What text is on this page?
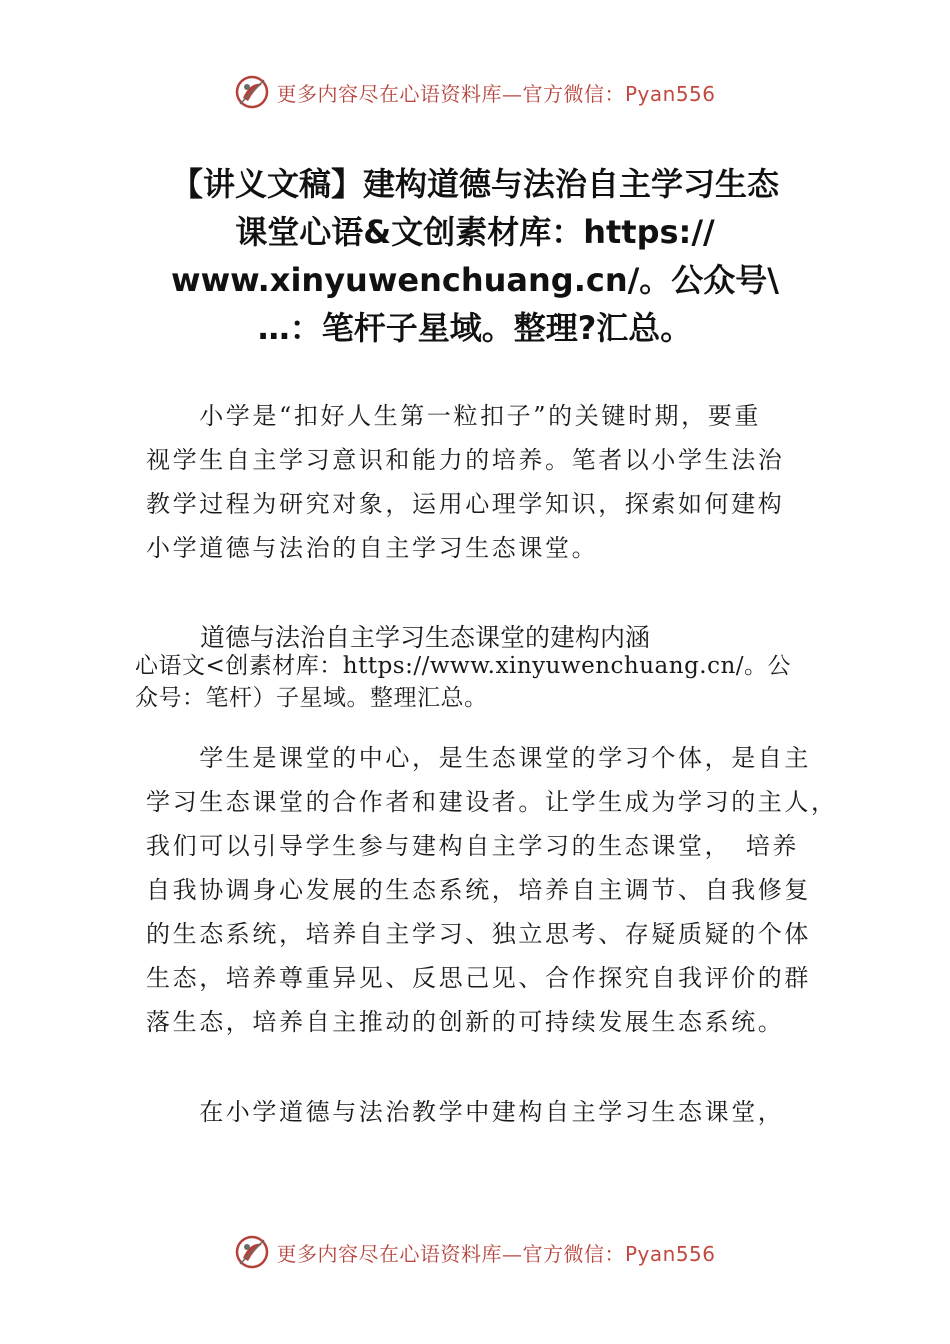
更多内容尽在心语资料库—官方微信：Pyan556
【讲义文稿】建构道德与法治自主学习生态
课堂心语&文创素材库：https://
www.xinyuwenchuang.cn/。公众号\
…：笔杆子星域。整理?汇总。
　　小学是“扣好人生第一粒扣子”的关键时期，要重
视学生自主学习意识和能力的培养。笔者以小学生法治
教学过程为研究对象，运用心理学知识，探索如何建构
小学道德与法治的自主学习生态课堂。
道德与法治自主学习生态课堂的建构内涵
心语文<创素材库：https://www.xinyuwenchuang.cn/。公
众号：笔杆）子星域。整理汇总。
　　学生是课堂的中心，是生态课堂的学习个体，是自主
学习生态课堂的合作者和建设者。让学生成为学习的主人，
我们可以引导学生参与建构自主学习的生态课堂，　培养
自我协调身心发展的生态系统，培养自主调节、自我修复
的生态系统，培养自主学习、独立思考、存疑质疑的个体
生态，培养尊重异见、反思己见、合作探究自我评价的群
落生态，培养自主推动的创新的可持续发展生态系统。
　　在小学道德与法治教学中建构自主学习生态课堂，
更多内容尽在心语资料库—官方微信：Pyan556
